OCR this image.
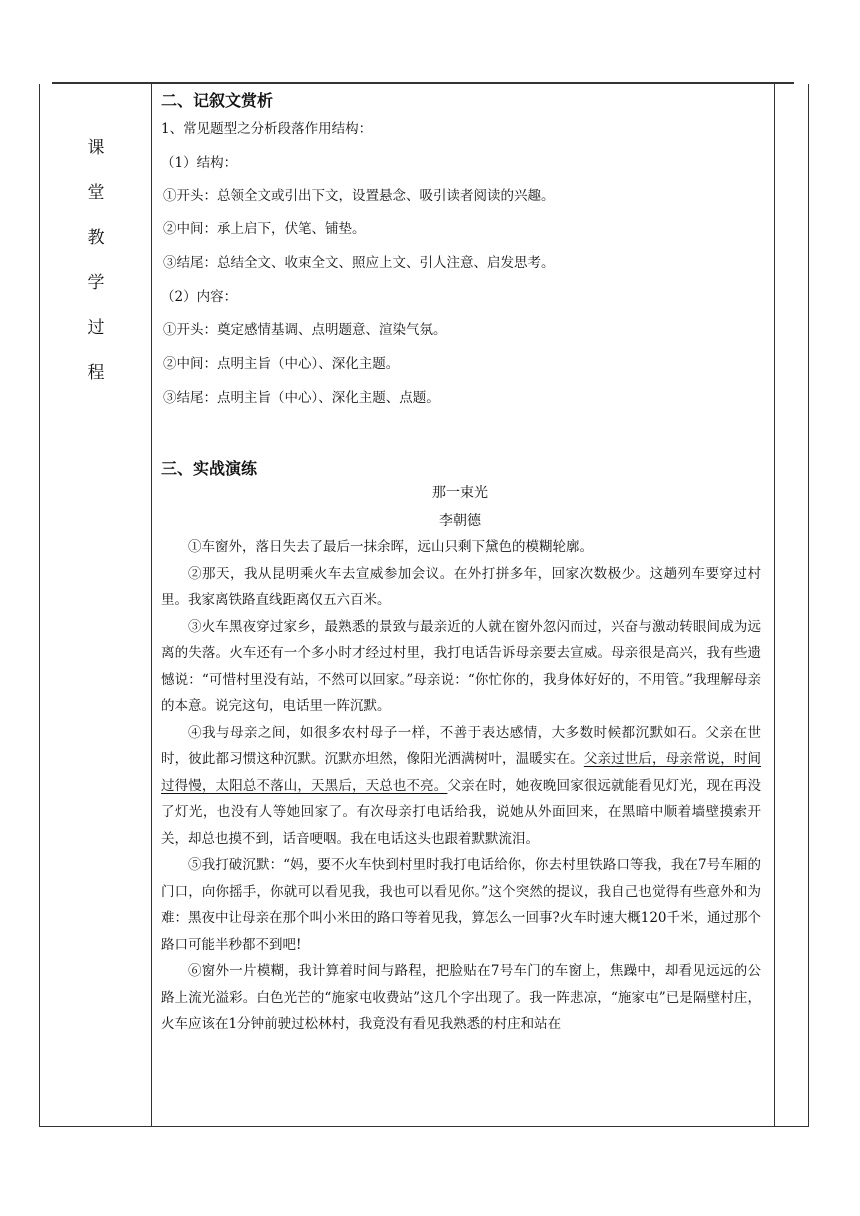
课
堂
教
学
过
程
二、记叙文赏析
1、常见题型之分析段落作用结构：
（1）结构：
①开头：总领全文或引出下文，设置悬念、吸引读者阅读的兴趣。
②中间：承上启下，伏笔、铺垫。
③结尾：总结全文、收束全文、照应上文、引人注意、启发思考。
（2）内容：
①开头：奠定感情基调、点明题意、渲染气氛。
②中间：点明主旨（中心）、深化主题。
③结尾：点明主旨（中心）、深化主题、点题。
三、实战演练
那一束光
李朝德

①车窗外，落日失去了最后一抹余晖，远山只剩下黛色的模糊轮廓。

②那天，我从昆明乘火车去宣威参加会议。在外打拼多年，回家次数极少。这趟列车要穿过村里。我家离铁路直线距离仅五六百米。

③火车黑夜穿过家乡，最熟悉的景致与最亲近的人就在窗外忽闪而过，兴奋与激动转眼间成为远离的失落。火车还有一个多小时才经过村里，我打电话告诉母亲要去宣威。母亲很是高兴，我有些遗憾说：“可惜村里没有站，不然可以回家。”母亲说：“你忙你的，我身体好好的，不用管。”我理解母亲的本意。说完这句，电话里一阵沉默。

④我与母亲之间，如很多农村母子一样，不善于表达感情，大多数时候都沉默如石。父亲在世时，彼此都习惯这种沉默。沉默亦坦然，像阳光洒满树叶，温暖实在。父亲过世后，母亲常说，时间过得慢，太阳总不落山，天黑后，天总也不亮。父亲在时，她夜晚回家很远就能看见灯光，现在再没了灯光，也没有人等她回家了。有次母亲打电话给我，说她从外面回来，在黑暗中顺着墙壁摸索开关，却总也摸不到，话音哽咽。我在电话这头也跟着默默流泪。

⑤我打破沉默：“妈，要不火车快到村里时我打电话给你，你去村里铁路口等我，我在7号车厢的门口，向你摇手，你就可以看见我，我也可以看见你。”这个突然的提议，我自己也觉得有些意外和为难：黑夜中让母亲在那个叫小米田的路口等着见我，算怎么一回事?火车时速大概120千米，通过那个路口可能半秒都不到吧!

⑥窗外一片模糊，我计算着时间与路程，把脸贴在7号车门的车窗上，焦躁中，却看见远远的公路上流光溢彩。白色光芒的“施家屯收费站”这几个字出现了。我一阵悲凉，“施家屯”已是隔壁村庄，火车应该在1分钟前驶过松林村，我竟没有看见我熟悉的村庄和站在
